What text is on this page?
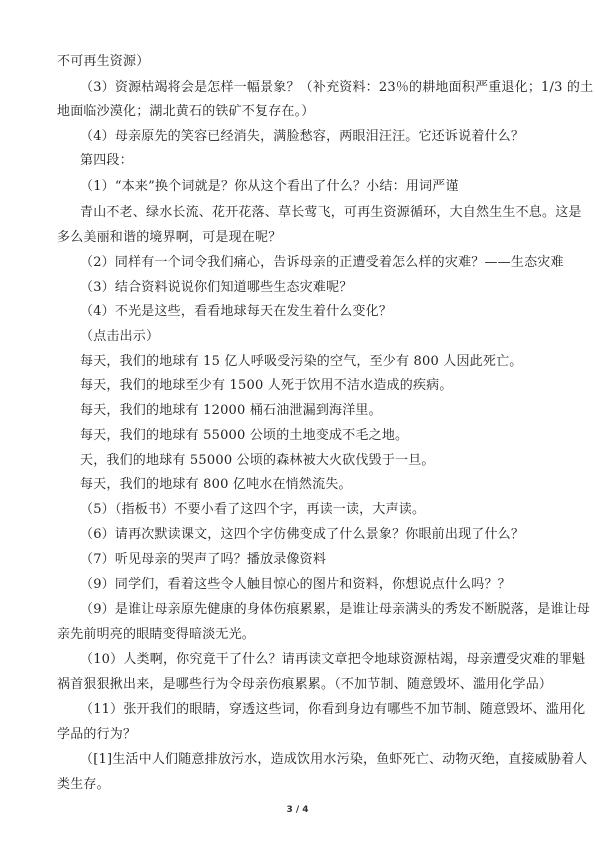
不可再生资源）
（3）资源枯竭将会是怎样一幅景象？（补充资料：23％的耕地面积严重退化；1/3 的土
地面临沙漠化；湖北黄石的铁矿不复存在。）
（4）母亲原先的笑容已经消失，满脸愁容，两眼泪汪汪。它还诉说着什么？
第四段：
（1）“本来”换个词就是？你从这个看出了什么？小结：用词严谨
青山不老、绿水长流、花开花落、草长莺飞，可再生资源循环，大自然生生不息。这是
多么美丽和谐的境界啊，可是现在呢？
（2）同样有一个词令我们痛心，告诉母亲的正遭受着怎么样的灾难？——生态灾难
（3）结合资料说说你们知道哪些生态灾难呢？
（4）不光是这些，看看地球每天在发生着什么变化？
（点击出示）
每天，我们的地球有 15 亿人呼吸受污染的空气，至少有 800 人因此死亡。
每天，我们的地球至少有 1500 人死于饮用不洁水造成的疾病。
每天，我们的地球有 12000 桶石油泄漏到海洋里。
每天，我们的地球有 55000 公顷的土地变成不毛之地。
天，我们的地球有 55000 公顷的森林被大火砍伐毁于一旦。
每天，我们的地球有 800 亿吨水在悄然流失。
（5）（指板书）不要小看了这四个字，再读一读，大声读。
（6）请再次默读课文，这四个字仿佛变成了什么景象？你眼前出现了什么？
（7）听见母亲的哭声了吗？播放录像资料
（9）同学们，看着这些令人触目惊心的图片和资料，你想说点什么吗？？
（9）是谁让母亲原先健康的身体伤痕累累，是谁让母亲满头的秀发不断脱落，是谁让母
亲先前明亮的眼睛变得暗淡无光。
（10）人类啊，你究竟干了什么？请再读文章把令地球资源枯竭，母亲遭受灾难的罪魁
祸首狠狠揪出来，是哪些行为令母亲伤痕累累。（不加节制、随意毁坏、滥用化学品）
（11）张开我们的眼睛，穿透这些词，你看到身边有哪些不加节制、随意毁坏、滥用化
学品的行为？
（[1]生活中人们随意排放污水，造成饮用水污染，鱼虾死亡、动物灭绝，直接威胁着人
类生存。
3 / 4
